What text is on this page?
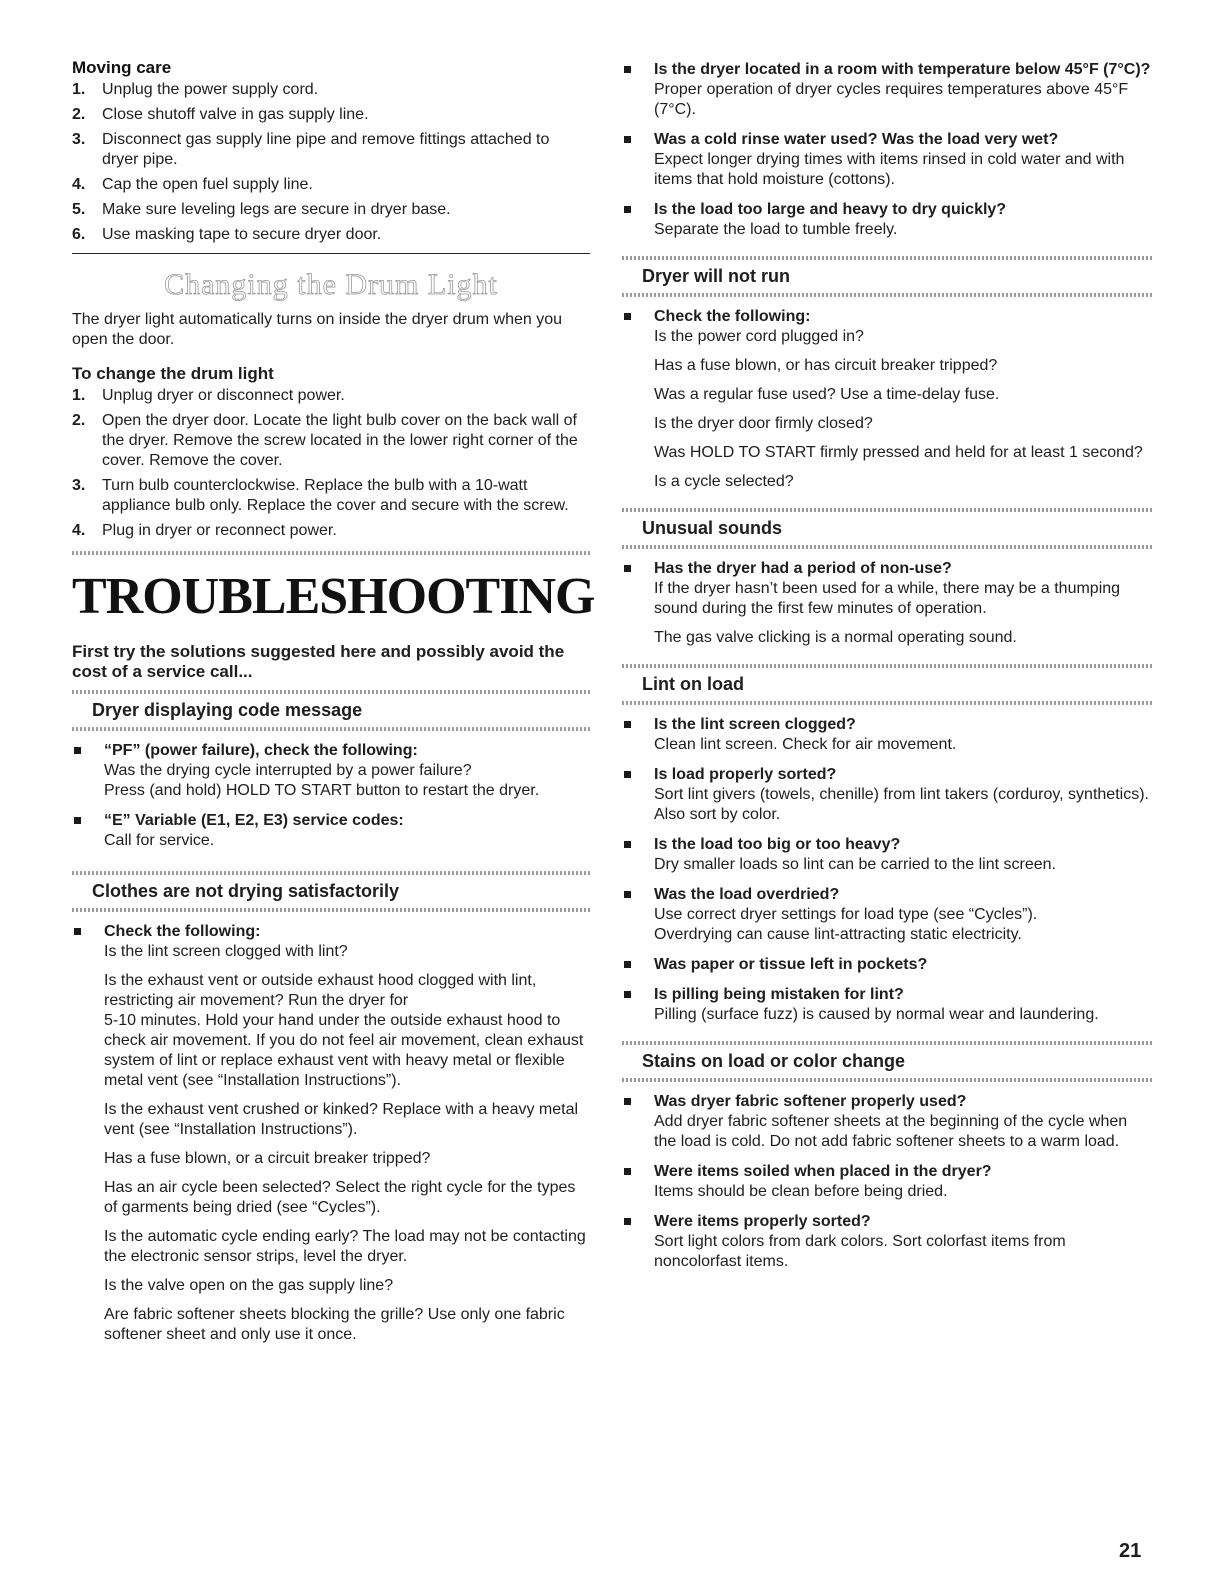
Moving care
1. Unplug the power supply cord.
2. Close shutoff valve in gas supply line.
3. Disconnect gas supply line pipe and remove fittings attached to dryer pipe.
4. Cap the open fuel supply line.
5. Make sure leveling legs are secure in dryer base.
6. Use masking tape to secure dryer door.
Changing the Drum Light

The dryer light automatically turns on inside the dryer drum when you open the door.

To change the drum light
1. Unplug dryer or disconnect power.
2. Open the dryer door. Locate the light bulb cover on the back wall of the dryer. Remove the screw located in the lower right corner of the cover. Remove the cover.
3. Turn bulb counterclockwise. Replace the bulb with a 10-watt appliance bulb only. Replace the cover and secure with the screw.
4. Plug in dryer or reconnect power.
TROUBLESHOOTING
First try the solutions suggested here and possibly avoid the cost of a service call...
Dryer displaying code message
“PF” (power failure), check the following:

Was the drying cycle interrupted by a power failure?
Press (and hold) HOLD TO START button to restart the dryer.

“E” Variable (E1, E2, E3) service codes:

Call for service.

Clothes are not drying satisfactorily
Check the following:

Is the lint screen clogged with lint?

Is the exhaust vent or outside exhaust hood clogged with lint, restricting air movement? Run the dryer for
5-10 minutes. Hold your hand under the outside exhaust hood to check air movement. If you do not feel air movement, clean exhaust system of lint or replace exhaust vent with heavy metal or flexible metal vent (see “Installation Instructions”).

Is the exhaust vent crushed or kinked? Replace with a heavy metal vent (see “Installation Instructions”).

Has a fuse blown, or a circuit breaker tripped?

Has an air cycle been selected? Select the right cycle for the types of garments being dried (see “Cycles”).

Is the automatic cycle ending early? The load may not be contacting the electronic sensor strips, level the dryer.

Is the valve open on the gas supply line?

Are fabric softener sheets blocking the grille? Use only one fabric softener sheet and only use it once.

Is the dryer located in a room with temperature below 45°F (7°C)?

Proper operation of dryer cycles requires temperatures above 45°F (7°C).

Was a cold rinse water used? Was the load very wet?

Expect longer drying times with items rinsed in cold water and with items that hold moisture (cottons).

Is the load too large and heavy to dry quickly?

Separate the load to tumble freely.

Dryer will not run
Check the following:

Is the power cord plugged in?

Has a fuse blown, or has circuit breaker tripped?

Was a regular fuse used? Use a time-delay fuse.

Is the dryer door firmly closed?

Was HOLD TO START firmly pressed and held for at least 1 second?

Is a cycle selected?

Unusual sounds
Has the dryer had a period of non-use?

If the dryer hasn’t been used for a while, there may be a thumping sound during the first few minutes of operation.

The gas valve clicking is a normal operating sound.

Lint on load
Is the lint screen clogged?

Clean lint screen. Check for air movement.

Is load properly sorted?

Sort lint givers (towels, chenille) from lint takers (corduroy, synthetics). Also sort by color.

Is the load too big or too heavy?

Dry smaller loads so lint can be carried to the lint screen.

Was the load overdried?

Use correct dryer settings for load type (see “Cycles”).
Overdrying can cause lint-attracting static electricity.

Was paper or tissue left in pockets?
Is pilling being mistaken for lint?

Pilling (surface fuzz) is caused by normal wear and laundering.

Stains on load or color change
Was dryer fabric softener properly used?

Add dryer fabric softener sheets at the beginning of the cycle when the load is cold. Do not add fabric softener sheets to a warm load.

Were items soiled when placed in the dryer?

Items should be clean before being dried.

Were items properly sorted?

Sort light colors from dark colors. Sort colorfast items from noncolorfast items.

21
